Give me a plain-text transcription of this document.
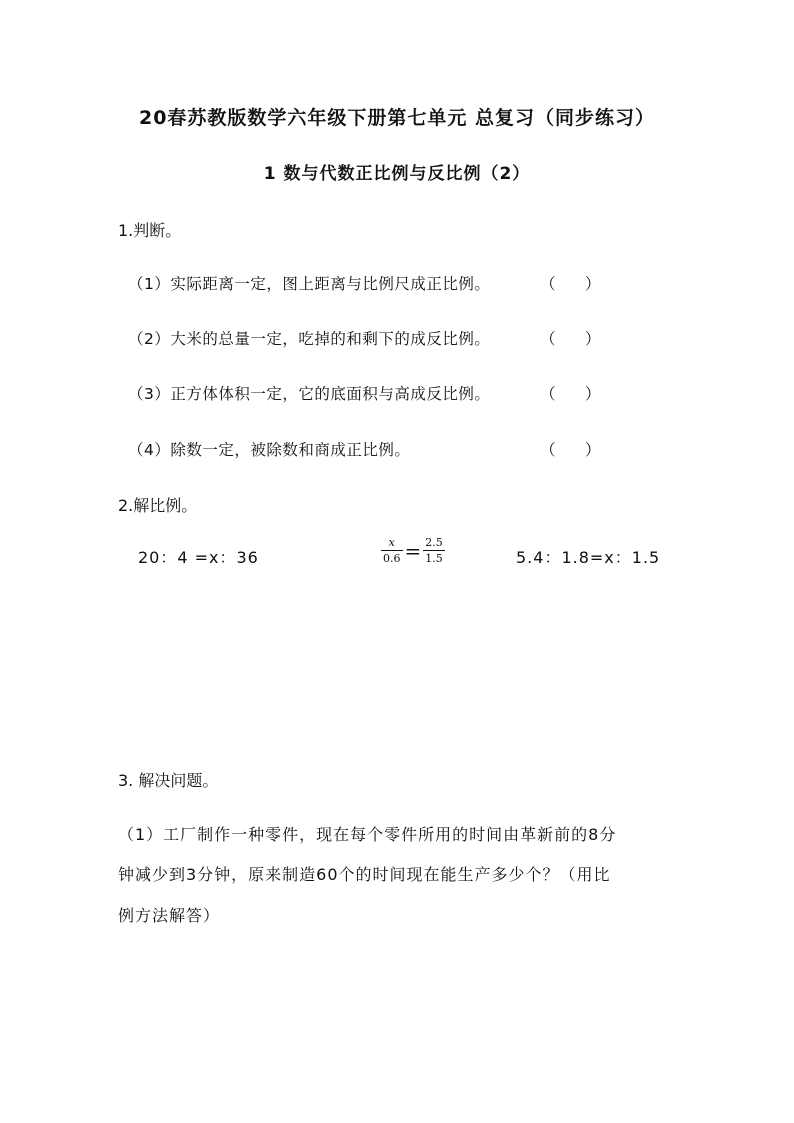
20春苏教版数学六年级下册第七单元 总复习（同步练习）
1 数与代数正比例与反比例（2）
1.判断。
（1）实际距离一定，图上距离与比例尺成正比例。	（      ）
（2）大米的总量一定，吃掉的和剩下的成反比例。	（      ）
（3）正方体体积一定，它的底面积与高成反比例。	（      ）
（4）除数一定，被除数和商成正比例。	（      ）
2.解比例。
20：4 =x：36	$\frac{x}{0.6} = \frac{2.5}{1.5}$	5.4：1.8=x：1.5
3. 解决问题。
（1）工厂制作一种零件，现在每个零件所用的时间由革新前的8分
钟减少到3分钟，原来制造60个的时间现在能生产多少个？（用比
例方法解答）
